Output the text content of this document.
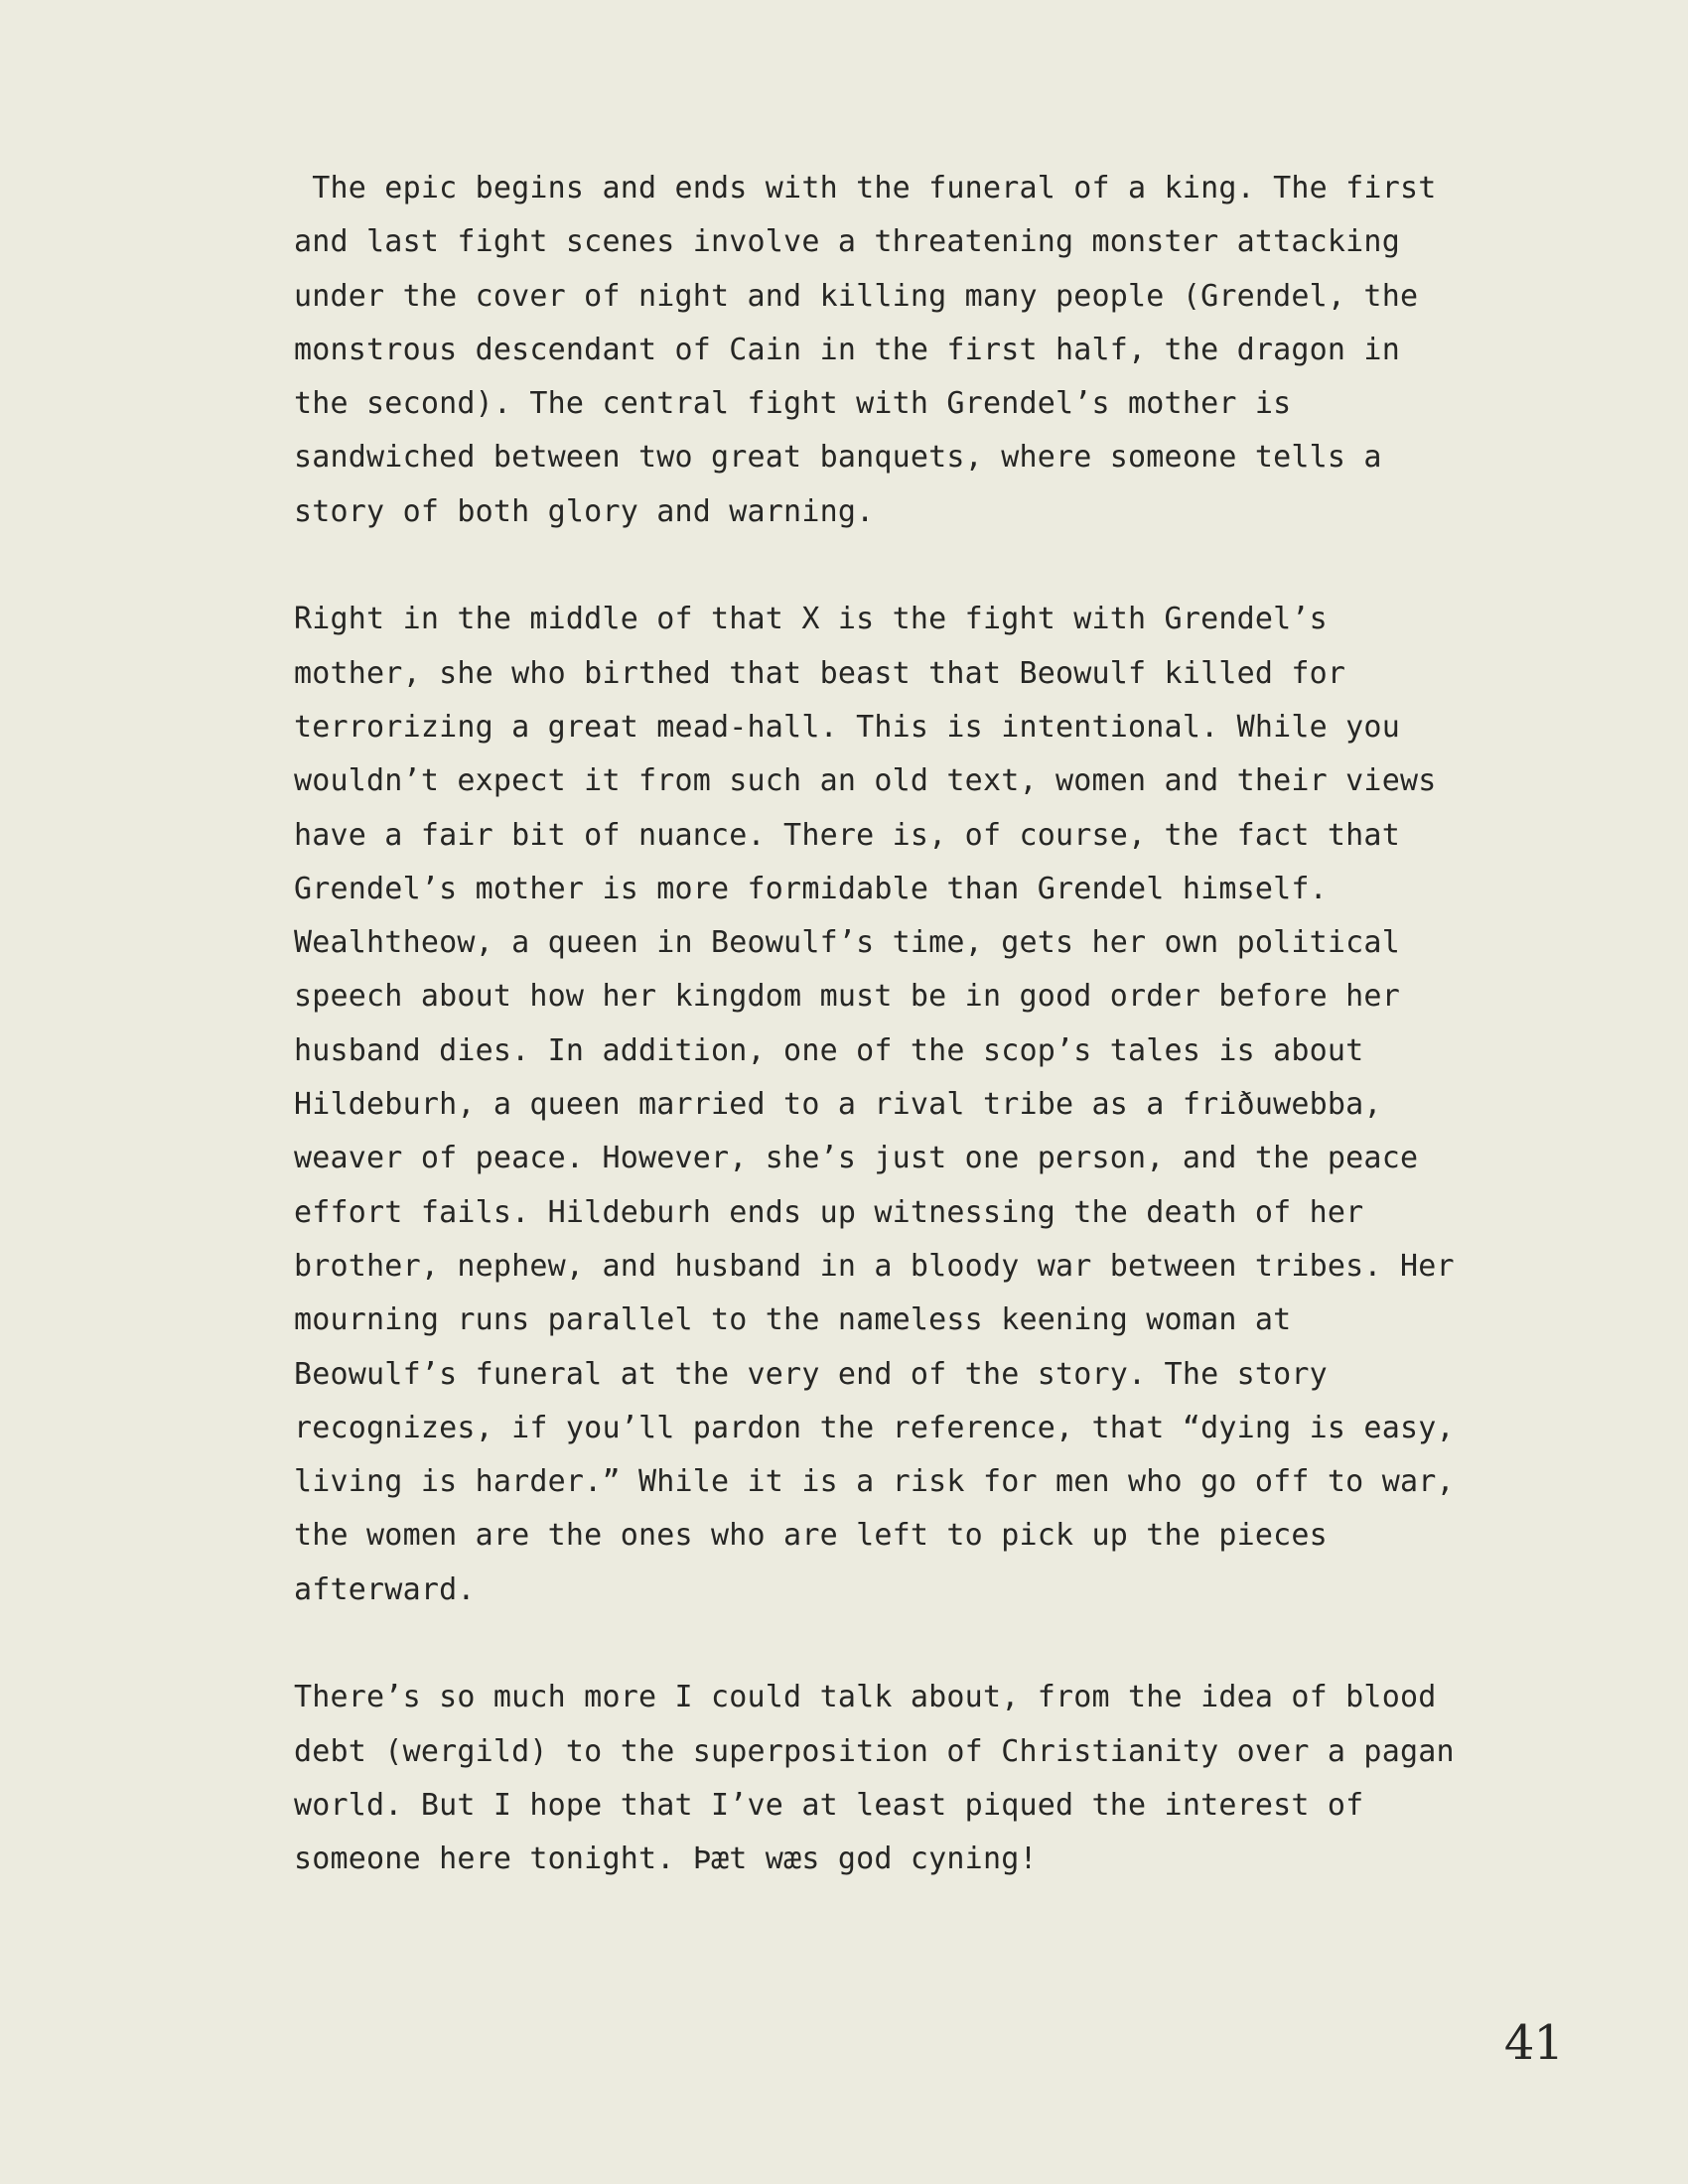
The epic begins and ends with the funeral of a king. The first
and last fight scenes involve a threatening monster attacking
under the cover of night and killing many people (Grendel, the
monstrous descendant of Cain in the first half, the dragon in
the second). The central fight with Grendel’s mother is
sandwiched between two great banquets, where someone tells a
story of both glory and warning.
Right in the middle of that X is the fight with Grendel’s
mother, she who birthed that beast that Beowulf killed for
terrorizing a great mead-hall. This is intentional. While you
wouldn’t expect it from such an old text, women and their views
have a fair bit of nuance. There is, of course, the fact that
Grendel’s mother is more formidable than Grendel himself.
Wealhtheow, a queen in Beowulf’s time, gets her own political
speech about how her kingdom must be in good order before her
husband dies. In addition, one of the scop’s tales is about
Hildeburh, a queen married to a rival tribe as a friðuwebba,
weaver of peace. However, she’s just one person, and the peace
effort fails. Hildeburh ends up witnessing the death of her
brother, nephew, and husband in a bloody war between tribes. Her
mourning runs parallel to the nameless keening woman at
Beowulf’s funeral at the very end of the story. The story
recognizes, if you’ll pardon the reference, that “dying is easy,
living is harder.” While it is a risk for men who go off to war,
the women are the ones who are left to pick up the pieces
afterward.
There’s so much more I could talk about, from the idea of blood
debt (wergild) to the superposition of Christianity over a pagan
world. But I hope that I’ve at least piqued the interest of
someone here tonight. Þæt wæs god cyning!
41
